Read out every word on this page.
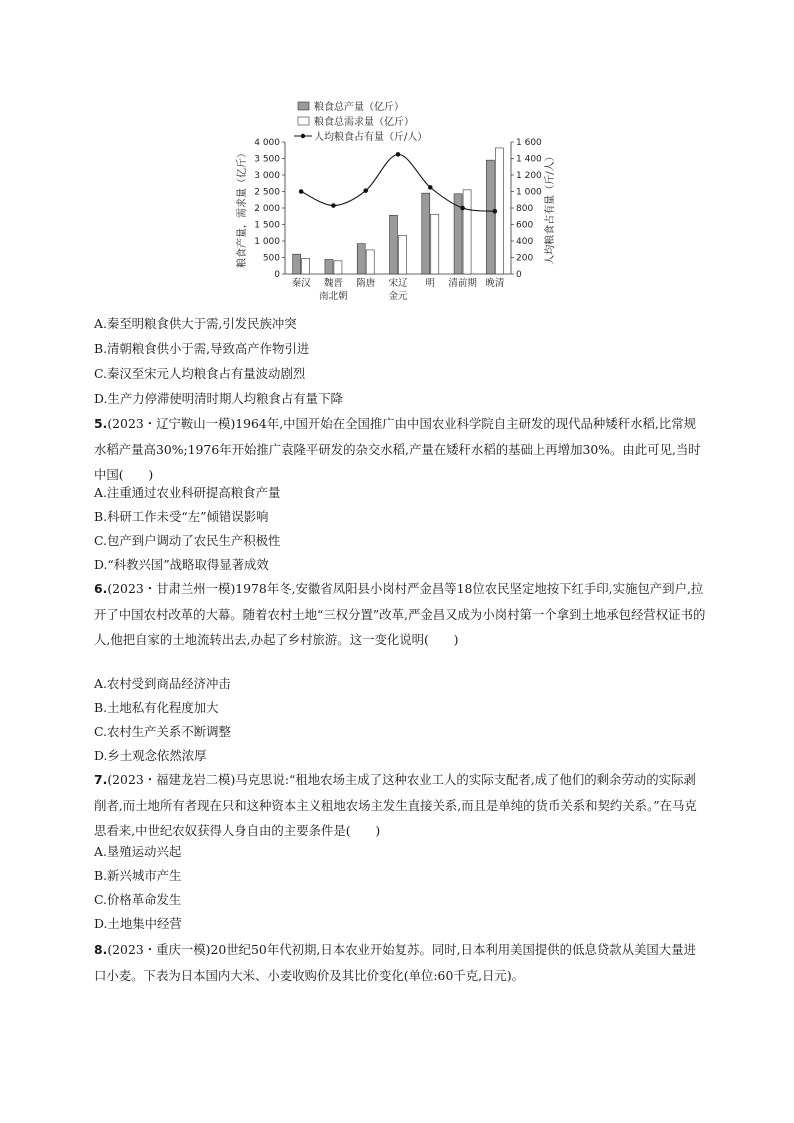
0
500
1 000
1 500
2 000
2 500
3 000
3 500
4 000
0
200
400
600
800
1 000
1 200
1 400
1 600
粮食产量，需求量（亿斤）	人均粮食占有量（斤/人）
秦汉 魏晋
南北朝
隋唐 宋辽
金元
明 清前期 晚清
粮食总产量（亿斤）
粮食总需求量（亿斤）
人均粮食占有量（斤/人）
A.秦至明粮食供大于需,引发民族冲突
B.清朝粮食供小于需,导致高产作物引进
C.秦汉至宋元人均粮食占有量波动剧烈
D.生产力停滞使明清时期人均粮食占有量下降
5.(2023・辽宁鞍山一模)1964年,中国开始在全国推广由中国农业科学院自主研发的现代品种矮秆水稻,比常规水稻产量高30%;1976年开始推广袁隆平研发的杂交水稻,产量在矮秆水稻的基础上再增加30%。由此可见,当时中国(　　)
A.注重通过农业科研提高粮食产量
B.科研工作未受“左”倾错误影响
C.包产到户调动了农民生产积极性
D.“科教兴国”战略取得显著成效
6.(2023・甘肃兰州一模)1978年冬,安徽省凤阳县小岗村严金昌等18位农民坚定地按下红手印,实施包产到户,拉开了中国农村改革的大幕。随着农村土地“三权分置”改革,严金昌又成为小岗村第一个拿到土地承包经营权证书的人,他把自家的土地流转出去,办起了乡村旅游。这一变化说明(　　)
A.农村受到商品经济冲击
B.土地私有化程度加大
C.农村生产关系不断调整
D.乡土观念依然浓厚
7.(2023・福建龙岩二模)马克思说:“租地农场主成了这种农业工人的实际支配者,成了他们的剩余劳动的实际剥削者,而土地所有者现在只和这种资本主义租地农场主发生直接关系,而且是单纯的货币关系和契约关系。”在马克思看来,中世纪农奴获得人身自由的主要条件是(　　)
A.垦殖运动兴起
B.新兴城市产生
C.价格革命发生
D.土地集中经营
8.(2023・重庆一模)20世纪50年代初期,日本农业开始复苏。同时,日本利用美国提供的低息贷款从美国大量进口小麦。下表为日本国内大米、小麦收购价及其比价变化(单位:60千克,日元)。
